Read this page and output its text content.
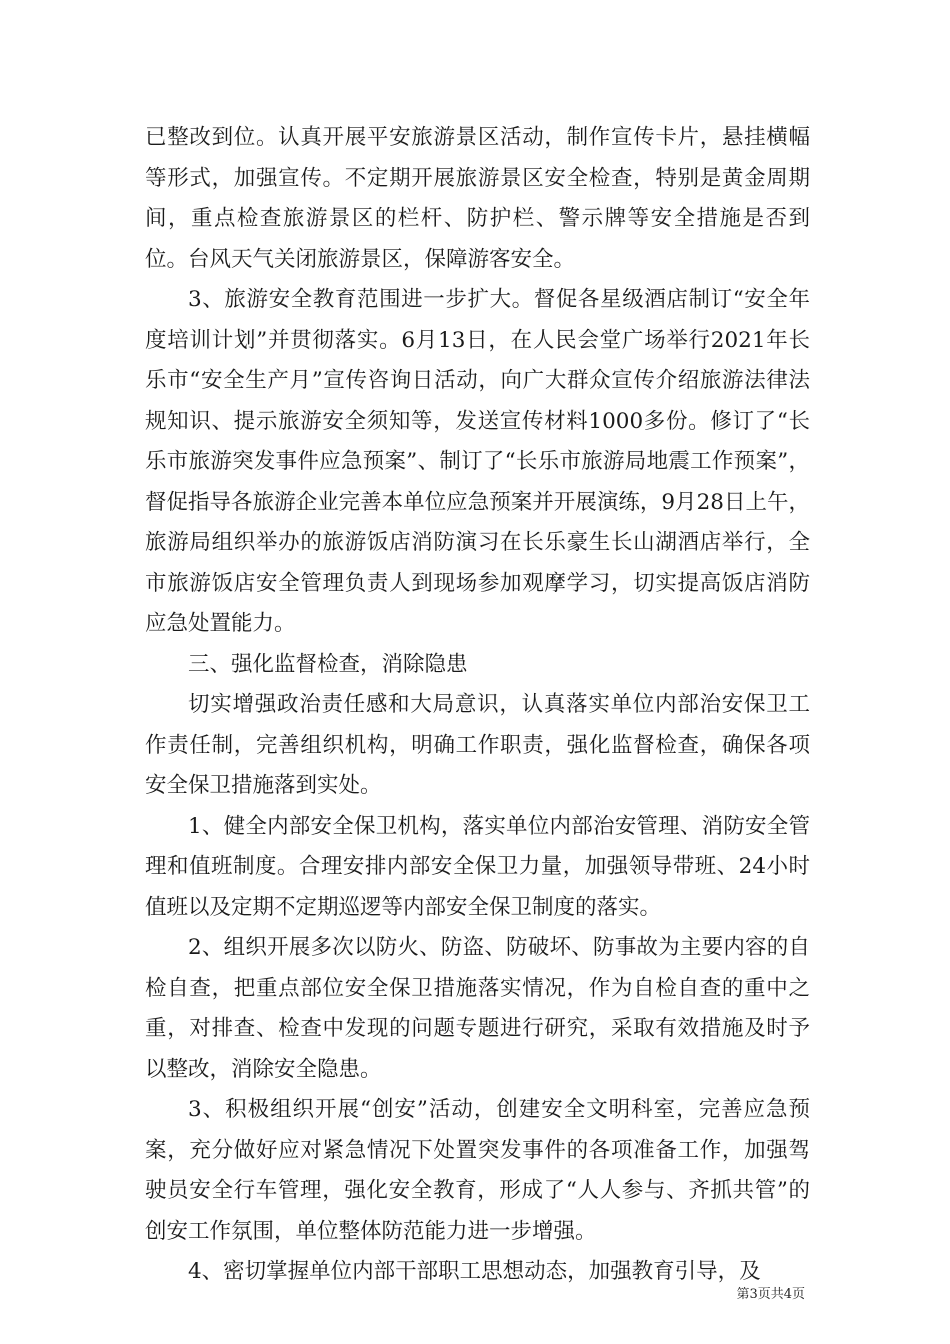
已整改到位。认真开展平安旅游景区活动，制作宣传卡片，悬挂横幅等形式，加强宣传。不定期开展旅游景区安全检查，特别是黄金周期间，重点检查旅游景区的栏杆、防护栏、警示牌等安全措施是否到位。台风天气关闭旅游景区，保障游客安全。

3、旅游安全教育范围进一步扩大。督促各星级酒店制订“安全年度培训计划”并贯彻落实。6月13日，在人民会堂广场举行2021年长乐市“安全生产月”宣传咨询日活动，向广大群众宣传介绍旅游法律法规知识、提示旅游安全须知等，发送宣传材料1000多份。修订了“长乐市旅游突发事件应急预案”、制订了“长乐市旅游局地震工作预案”，督促指导各旅游企业完善本单位应急预案并开展演练，9月28日上午，旅游局组织举办的旅游饭店消防演习在长乐豪生长山湖酒店举行，全市旅游饭店安全管理负责人到现场参加观摩学习，切实提高饭店消防应急处置能力。

三、强化监督检查，消除隐患

切实增强政治责任感和大局意识，认真落实单位内部治安保卫工作责任制，完善组织机构，明确工作职责，强化监督检查，确保各项安全保卫措施落到实处。

1、健全内部安全保卫机构，落实单位内部治安管理、消防安全管理和值班制度。合理安排内部安全保卫力量，加强领导带班、24小时值班以及定期不定期巡逻等内部安全保卫制度的落实。

2、组织开展多次以防火、防盗、防破坏、防事故为主要内容的自检自查，把重点部位安全保卫措施落实情况，作为自检自查的重中之重，对排查、检查中发现的问题专题进行研究，采取有效措施及时予以整改，消除安全隐患。

3、积极组织开展“创安”活动，创建安全文明科室，完善应急预案，充分做好应对紧急情况下处置突发事件的各项准备工作，加强驾驶员安全行车管理，强化安全教育，形成了“人人参与、齐抓共管”的创安工作氛围，单位整体防范能力进一步增强。

4、密切掌握单位内部干部职工思想动态，加强教育引导，及

第3页共4页
